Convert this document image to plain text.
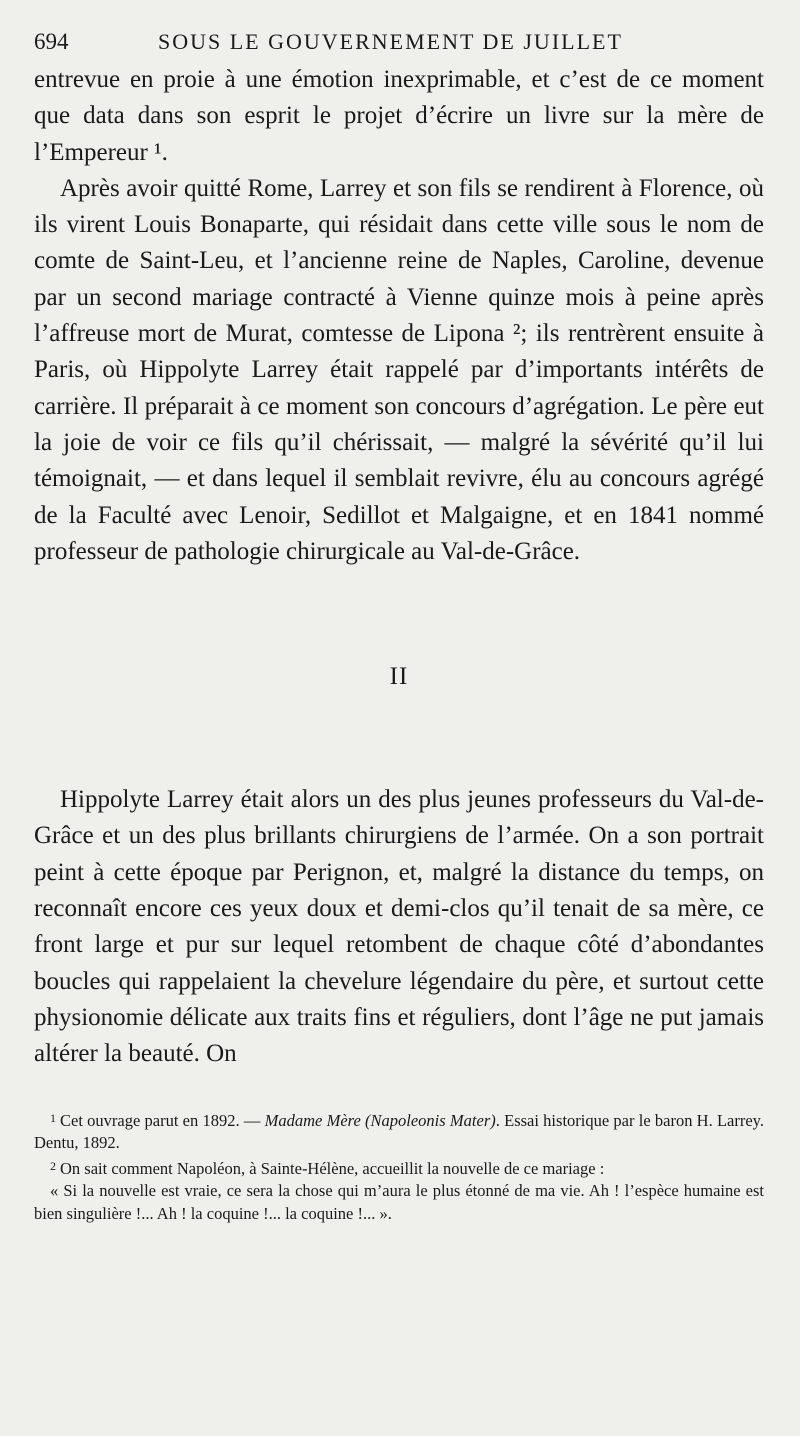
694	SOUS LE GOUVERNEMENT DE JUILLET

entrevue en proie à une émotion inexprimable, et c’est de ce moment que data dans son esprit le projet d’écrire un livre sur la mère de l’Empereur ¹.

Après avoir quitté Rome, Larrey et son fils se rendirent à Florence, où ils virent Louis Bonaparte, qui résidait dans cette ville sous le nom de comte de Saint-Leu, et l’ancienne reine de Naples, Caroline, devenue par un second mariage contracté à Vienne quinze mois à peine après l’affreuse mort de Murat, comtesse de Lipona ²; ils rentrèrent ensuite à Paris, où Hippolyte Larrey était rappelé par d’importants intérêts de carrière. Il préparait à ce moment son concours d’agrégation. Le père eut la joie de voir ce fils qu’il chérissait, — malgré la sévérité qu’il lui témoignait, — et dans lequel il semblait revivre, élu au concours agrégé de la Faculté avec Lenoir, Sedillot et Malgaigne, et en 1841 nommé professeur de pathologie chirurgicale au Val-de-Grâce.

II

Hippolyte Larrey était alors un des plus jeunes professeurs du Val-de-Grâce et un des plus brillants chirurgiens de l’armée. On a son portrait peint à cette époque par Perignon, et, malgré la distance du temps, on reconnaît encore ces yeux doux et demi-clos qu’il tenait de sa mère, ce front large et pur sur lequel retombent de chaque côté d’abondantes boucles qui rappelaient la chevelure légendaire du père, et surtout cette physionomie délicate aux traits fins et réguliers, dont l’âge ne put jamais altérer la beauté. On

$^1$ Cet ouvrage parut en 1892. — Madame Mère (Napoleonis Mater). Essai historique par le baron H. Larrey. Dentu, 1892.

$^2$ On sait comment Napoléon, à Sainte-Hélène, accueillit la nouvelle de ce mariage :

« Si la nouvelle est vraie, ce sera la chose qui m’aura le plus étonné de ma vie. Ah ! l’espèce humaine est bien singulière !... Ah ! la coquine !... la coquine !... ».
